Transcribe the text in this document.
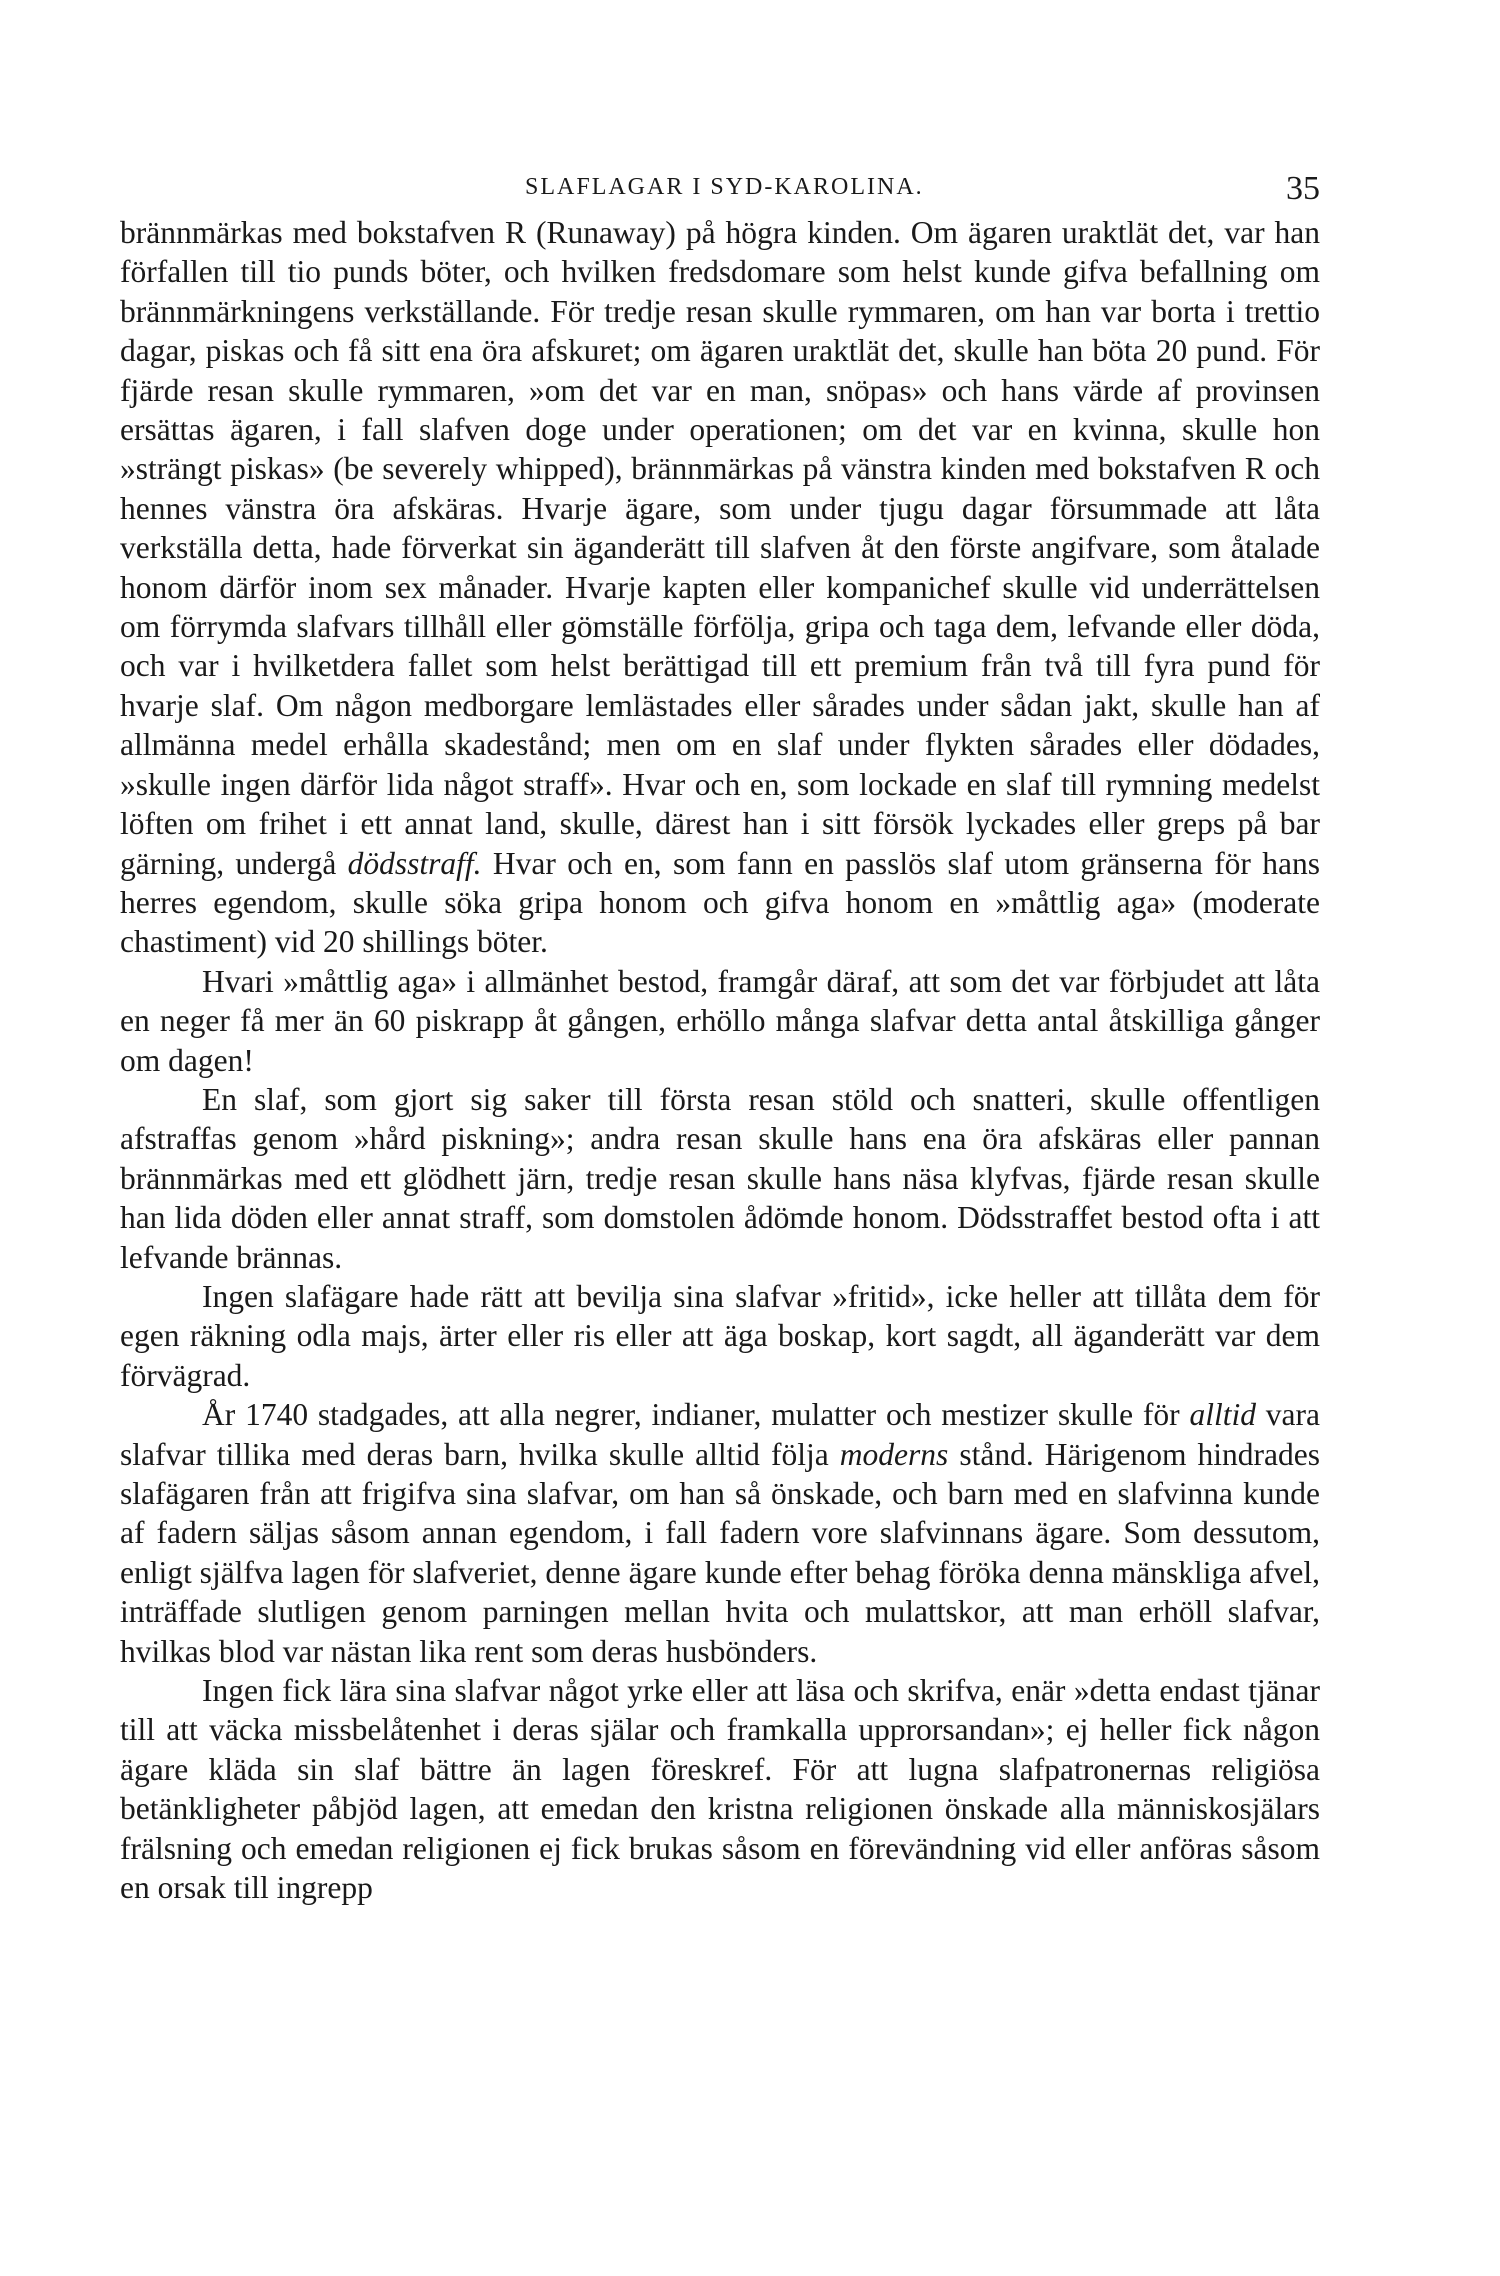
SLAFLAGAR I SYD-KAROLINA.	35

brännmärkas med bokstafven R (Runaway) på högra kinden. Om ägaren uraktlät det, var han förfallen till tio punds böter, och hvilken fredsdomare som helst kunde gifva befallning om brännmärkningens verkställande. För tredje resan skulle rymmaren, om han var borta i trettio dagar, piskas och få sitt ena öra afskuret; om ägaren uraktlät det, skulle han böta 20 pund. För fjärde resan skulle rymmaren, »om det var en man, snöpas» och hans värde af provinsen ersättas ägaren, i fall slafven doge under operationen; om det var en kvinna, skulle hon »strängt piskas» (be severely whipped), brännmärkas på vänstra kinden med bokstafven R och hennes vänstra öra afskäras. Hvarje ägare, som under tjugu dagar försummade att låta verkställa detta, hade förverkat sin äganderätt till slafven åt den förste angifvare, som åtalade honom därför inom sex månader. Hvarje kapten eller kompanichef skulle vid underrättelsen om förrymda slafvars tillhåll eller gömställe förfölja, gripa och taga dem, lefvande eller döda, och var i hvilketdera fallet som helst berättigad till ett premium från två till fyra pund för hvarje slaf. Om någon medborgare lemlästades eller sårades under sådan jakt, skulle han af allmänna medel erhålla skadestånd; men om en slaf under flykten sårades eller dödades, »skulle ingen därför lida något straff». Hvar och en, som lockade en slaf till rymning medelst löften om frihet i ett annat land, skulle, därest han i sitt försök lyckades eller greps på bar gärning, undergå dödsstraff. Hvar och en, som fann en passlös slaf utom gränserna för hans herres egendom, skulle söka gripa honom och gifva honom en »måttlig aga» (moderate chastiment) vid 20 shillings böter.

Hvari »måttlig aga» i allmänhet bestod, framgår däraf, att som det var förbjudet att låta en neger få mer än 60 piskrapp åt gången, erhöllo många slafvar detta antal åtskilliga gånger om dagen!

En slaf, som gjort sig saker till första resan stöld och snatteri, skulle offentligen afstraffas genom »hård piskning»; andra resan skulle hans ena öra afskäras eller pannan brännmärkas med ett glödhett järn, tredje resan skulle hans näsa klyfvas, fjärde resan skulle han lida döden eller annat straff, som domstolen ådömde honom. Dödsstraffet bestod ofta i att lefvande brännas.

Ingen slafägare hade rätt att bevilja sina slafvar »fritid», icke heller att tillåta dem för egen räkning odla majs, ärter eller ris eller att äga boskap, kort sagdt, all äganderätt var dem förvägrad.

År 1740 stadgades, att alla negrer, indianer, mulatter och mestizer skulle för alltid vara slafvar tillika med deras barn, hvilka skulle alltid följa moderns stånd. Härigenom hindrades slafägaren från att frigifva sina slafvar, om han så önskade, och barn med en slafvinna kunde af fadern säljas såsom annan egendom, i fall fadern vore slafvinnans ägare. Som dessutom, enligt själfva lagen för slafveriet, denne ägare kunde efter behag föröka denna mänskliga afvel, inträffade slutligen genom parningen mellan hvita och mulattskor, att man erhöll slafvar, hvilkas blod var nästan lika rent som deras husbönders.

Ingen fick lära sina slafvar något yrke eller att läsa och skrifva, enär »detta endast tjänar till att väcka missbelåtenhet i deras själar och framkalla upprorsandan»; ej heller fick någon ägare kläda sin slaf bättre än lagen föreskref. För att lugna slafpatronernas religiösa betänkligheter påbjöd lagen, att emedan den kristna religionen önskade alla människosjälars frälsning och emedan religionen ej fick brukas såsom en förevändning vid eller anföras såsom en orsak till ingrepp
